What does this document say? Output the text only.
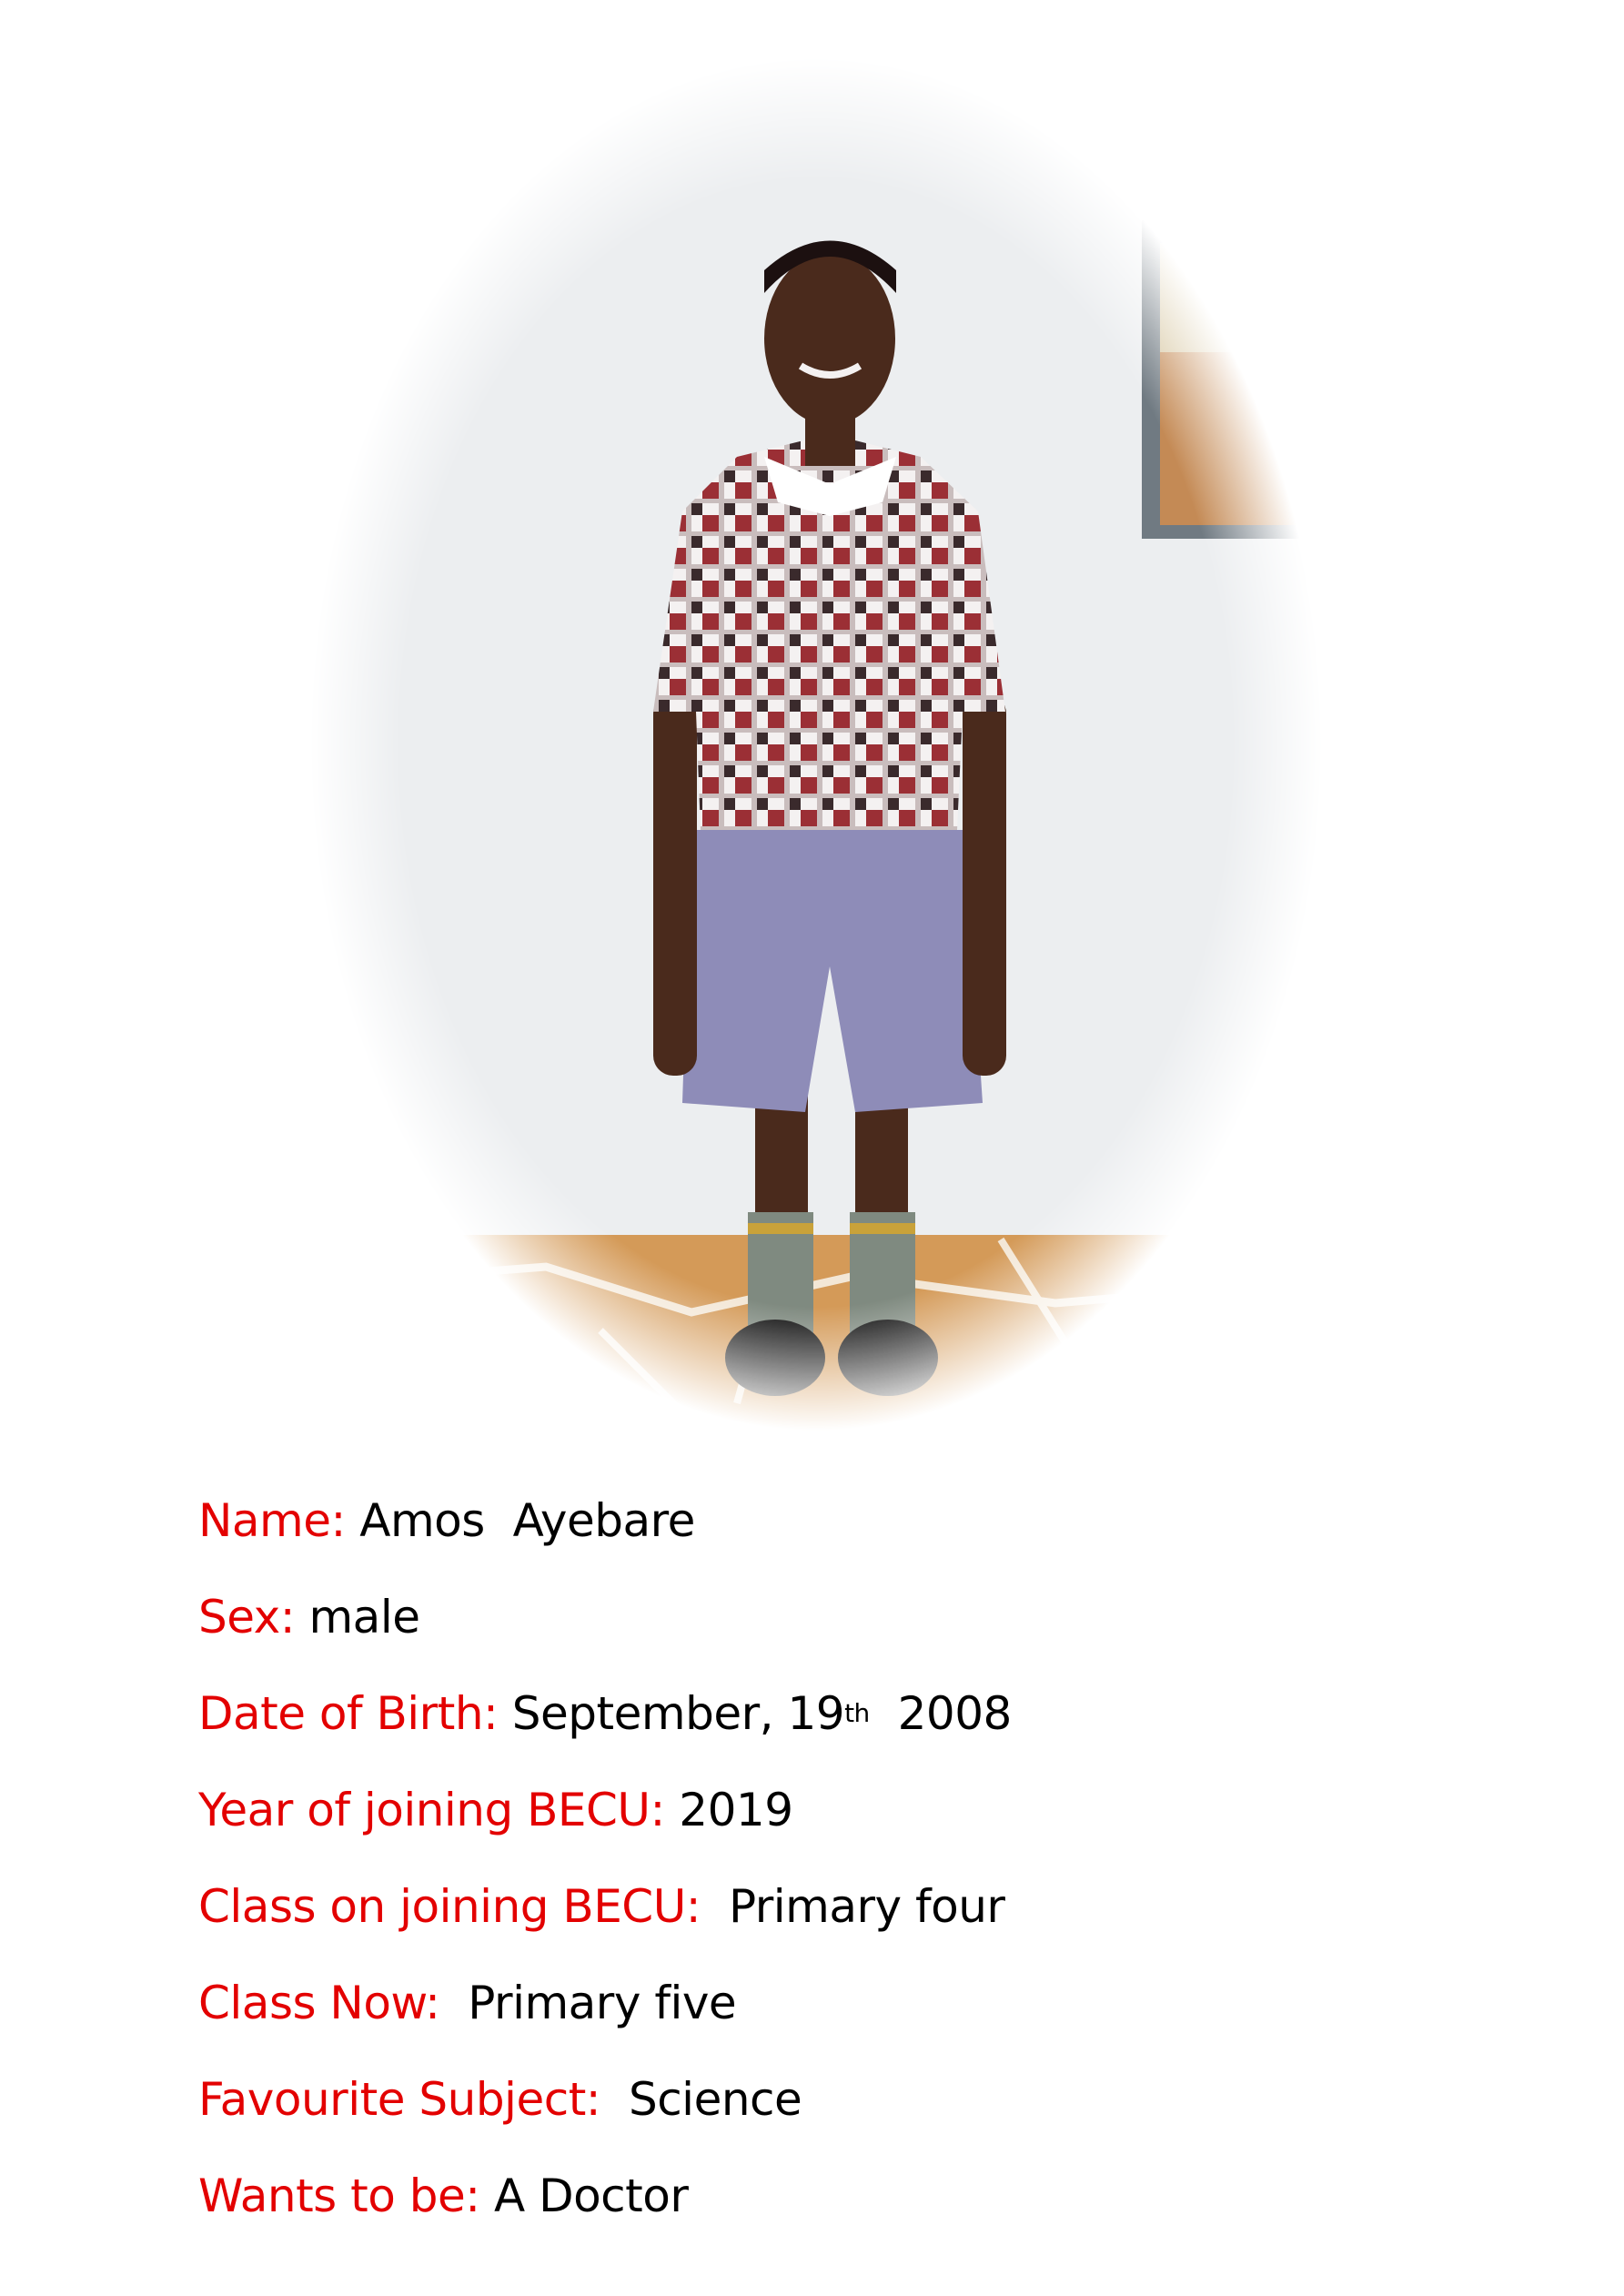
Name:
Amos  Ayebare
Sex:
male
Date of Birth:
September, 19 th 2008
Year of joining BECU:
2019
Class on joining BECU:
Primary four
Class Now:
Primary five
Favourite Subject:
Science
Wants to be:
A Doctor
